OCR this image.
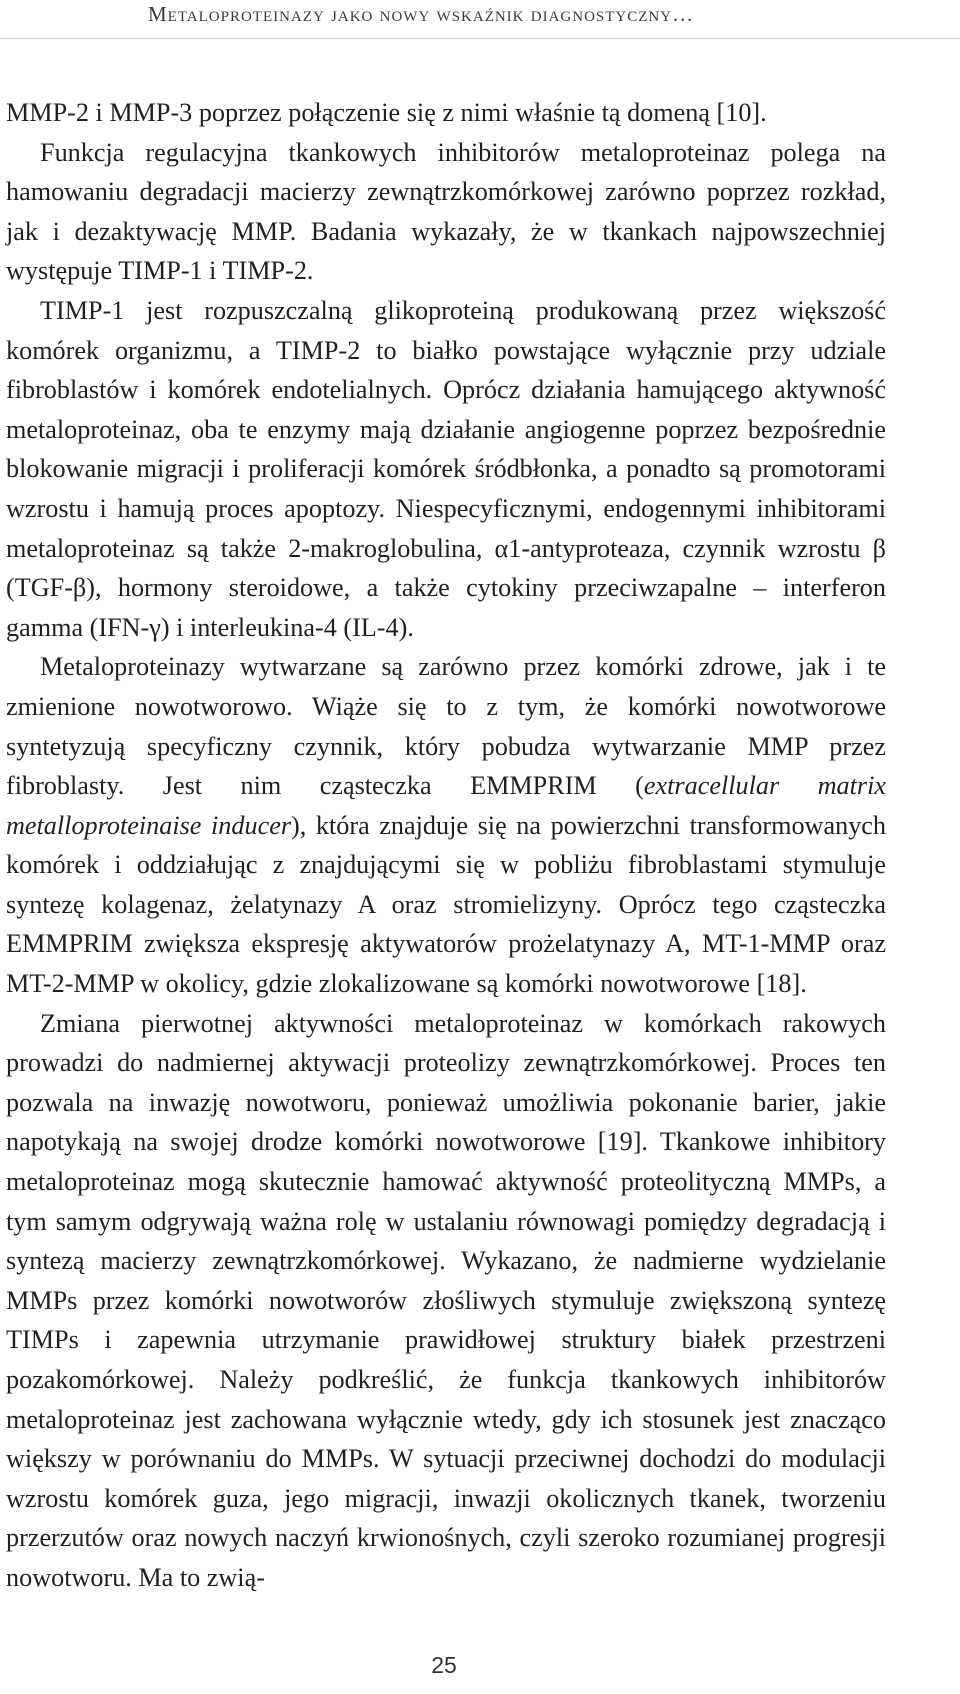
Metaloproteinazy jako nowy wskaźnik diagnostyczny…

MMP-2 i MMP-3 poprzez połączenie się z nimi właśnie tą domeną [10].

Funkcja regulacyjna tkankowych inhibitorów metaloproteinaz polega na hamowaniu degradacji macierzy zewnątrzkomórkowej zarówno poprzez rozkład, jak i dezaktywację MMP. Badania wykazały, że w tkankach najpowszechniej występuje TIMP-1 i TIMP-2.

TIMP-1 jest rozpuszczalną glikoproteiną produkowaną przez większość komórek organizmu, a TIMP-2 to białko powstające wyłącznie przy udziale fibroblastów i komórek endotelialnych. Oprócz działania hamującego aktywność metaloproteinaz, oba te enzymy mają działanie angiogenne poprzez bezpośrednie blokowanie migracji i proliferacji komórek śródbłonka, a ponadto są promotorami wzrostu i hamują proces apoptozy. Niespecyficznymi, endogennymi inhibitorami metaloproteinaz są także 2-makroglobulina, α1-antyproteaza, czynnik wzrostu β (TGF-β), hormony steroidowe, a także cytokiny przeciwzapalne – interferon gamma (IFN-γ) i interleukina-4 (IL-4).

Metaloproteinazy wytwarzane są zarówno przez komórki zdrowe, jak i te zmienione nowotworowo. Wiąże się to z tym, że komórki nowotworowe syntetyzują specyficzny czynnik, który pobudza wytwarzanie MMP przez fibroblasty. Jest nim cząsteczka EMMPRIM (extracellular matrix metalloproteinaise inducer), która znajduje się na powierzchni transformowanych komórek i oddziałując z znajdującymi się w pobliżu fibroblastami stymuluje syntezę kolagenaz, żelatynazy A oraz stromielizyny. Oprócz tego cząsteczka EMMPRIM zwiększa ekspresję aktywatorów prożelatynazy A, MT-1-MMP oraz MT-2-MMP w okolicy, gdzie zlokalizowane są komórki nowotworowe [18].

Zmiana pierwotnej aktywności metaloproteinaz w komórkach rakowych prowadzi do nadmiernej aktywacji proteolizy zewnątrzkomórkowej. Proces ten pozwala na inwazję nowotworu, ponieważ umożliwia pokonanie barier, jakie napotykają na swojej drodze komórki nowotworowe [19]. Tkankowe inhibitory metaloproteinaz mogą skutecznie hamować aktywność proteolityczną MMPs, a tym samym odgrywają ważna rolę w ustalaniu równowagi pomiędzy degradacją i syntezą macierzy zewnątrzkomórkowej. Wykazano, że nadmierne wydzielanie MMPs przez komórki nowotworów złośliwych stymuluje zwiększoną syntezę TIMPs i zapewnia utrzymanie prawidłowej struktury białek przestrzeni pozakomórkowej. Należy podkreślić, że funkcja tkankowych inhibitorów metaloproteinaz jest zachowana wyłącznie wtedy, gdy ich stosunek jest znacząco większy w porównaniu do MMPs. W sytuacji przeciwnej dochodzi do modulacji wzrostu komórek guza, jego migracji, inwazji okolicznych tkanek, tworzeniu przerzutów oraz nowych naczyń krwionośnych, czyli szeroko rozumianej progresji nowotworu. Ma to zwią-

25
